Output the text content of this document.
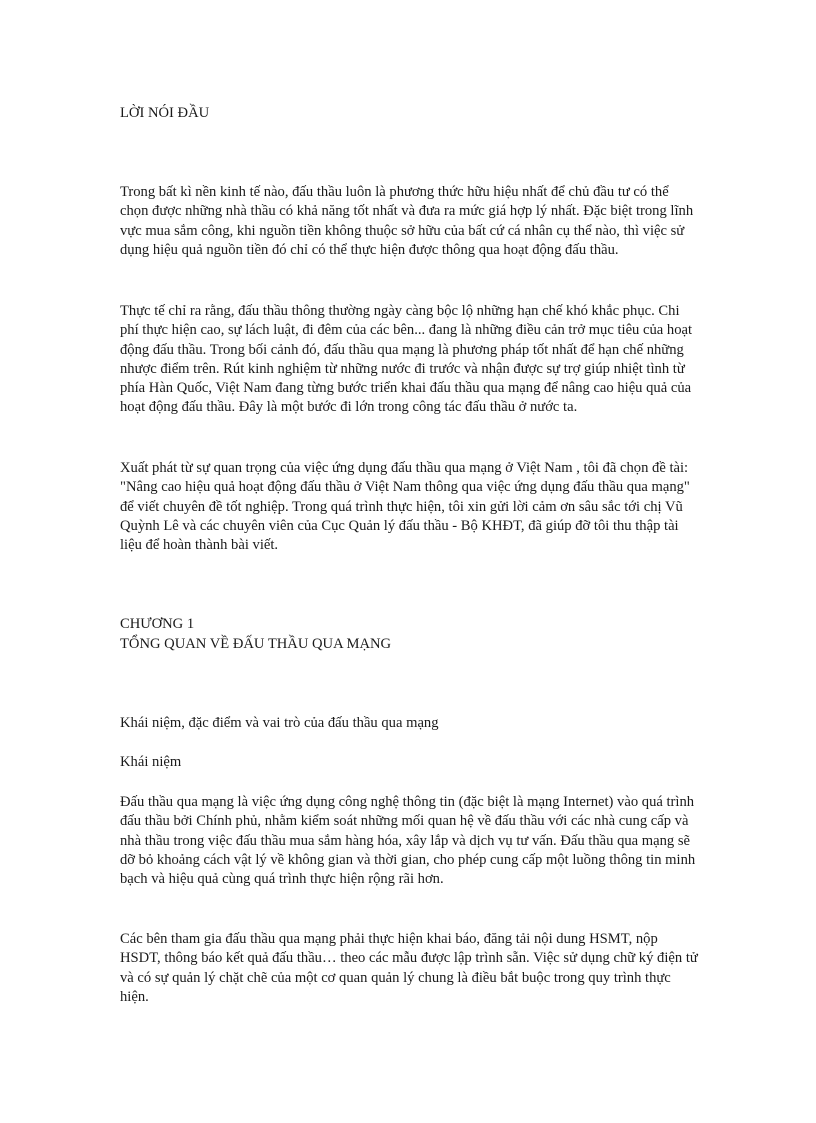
LỜI NÓI ĐẦU

Trong bất kì nền kinh tế nào, đấu thầu luôn là phương thức hữu hiệu nhất để chủ đầu tư có thể chọn được những nhà thầu có khả năng tốt nhất và đưa ra mức giá hợp lý nhất. Đặc biệt trong lĩnh vực mua sắm công, khi nguồn tiền không thuộc sở hữu của bất cứ cá nhân cụ thể nào, thì việc sử dụng hiệu quả nguồn tiền đó chỉ có thể thực hiện được thông qua hoạt động đấu thầu.

Thực tế chỉ ra rằng, đấu thầu thông thường ngày càng bộc lộ những hạn chế khó khắc phục. Chi phí thực hiện cao, sự lách luật, đi đêm của các bên... đang là những điều cản trở mục tiêu của hoạt động đấu thầu. Trong bối cảnh đó, đấu thầu qua mạng là phương pháp tốt nhất để hạn chế những nhược điểm trên. Rút kinh nghiệm từ những nước đi trước và nhận được sự trợ giúp nhiệt tình từ phía Hàn Quốc, Việt Nam đang từng bước triển khai đấu thầu qua mạng để nâng cao hiệu quả của hoạt động đấu thầu. Đây là một bước đi lớn trong công tác đấu thầu ở nước ta.

Xuất phát từ sự quan trọng của việc ứng dụng đấu thầu qua mạng ở Việt Nam , tôi đã chọn đề tài: "Nâng cao hiệu quả hoạt động đấu thầu ở Việt Nam thông qua việc ứng dụng đấu thầu qua mạng" để viết chuyên đề tốt nghiệp. Trong quá trình thực hiện, tôi xin gửi lời cảm ơn sâu sắc tới chị Vũ Quỳnh Lê và các chuyên viên của Cục Quản lý đấu thầu - Bộ KHĐT, đã giúp đỡ tôi thu thập tài liệu để hoàn thành bài viết.

CHƯƠNG 1

TỔNG QUAN VỀ ĐẤU THẦU QUA MẠNG

Khái niệm, đặc điểm và vai trò của đấu thầu qua mạng

Khái niệm

Đấu thầu qua mạng là việc ứng dụng công nghệ thông tin (đặc biệt là mạng Internet) vào quá trình đấu thầu bởi Chính phủ, nhằm kiểm soát những mối quan hệ về đấu thầu với các nhà cung cấp và nhà thầu trong việc đấu thầu mua sắm hàng hóa, xây lắp và dịch vụ tư vấn. Đấu thầu qua mạng sẽ dỡ bỏ khoảng cách vật lý về không gian và thời gian, cho phép cung cấp một luồng thông tin minh bạch và hiệu quả cùng quá trình thực hiện rộng rãi hơn.

Các bên tham gia đấu thầu qua mạng phải thực hiện khai báo, đăng tải nội dung HSMT, nộp HSDT, thông báo kết quả đấu thầu… theo các mẫu được lập trình sẵn. Việc sử dụng chữ ký điện tử và có sự quản lý chặt chẽ của một cơ quan quản lý chung là điều bắt buộc trong quy trình thực hiện.
